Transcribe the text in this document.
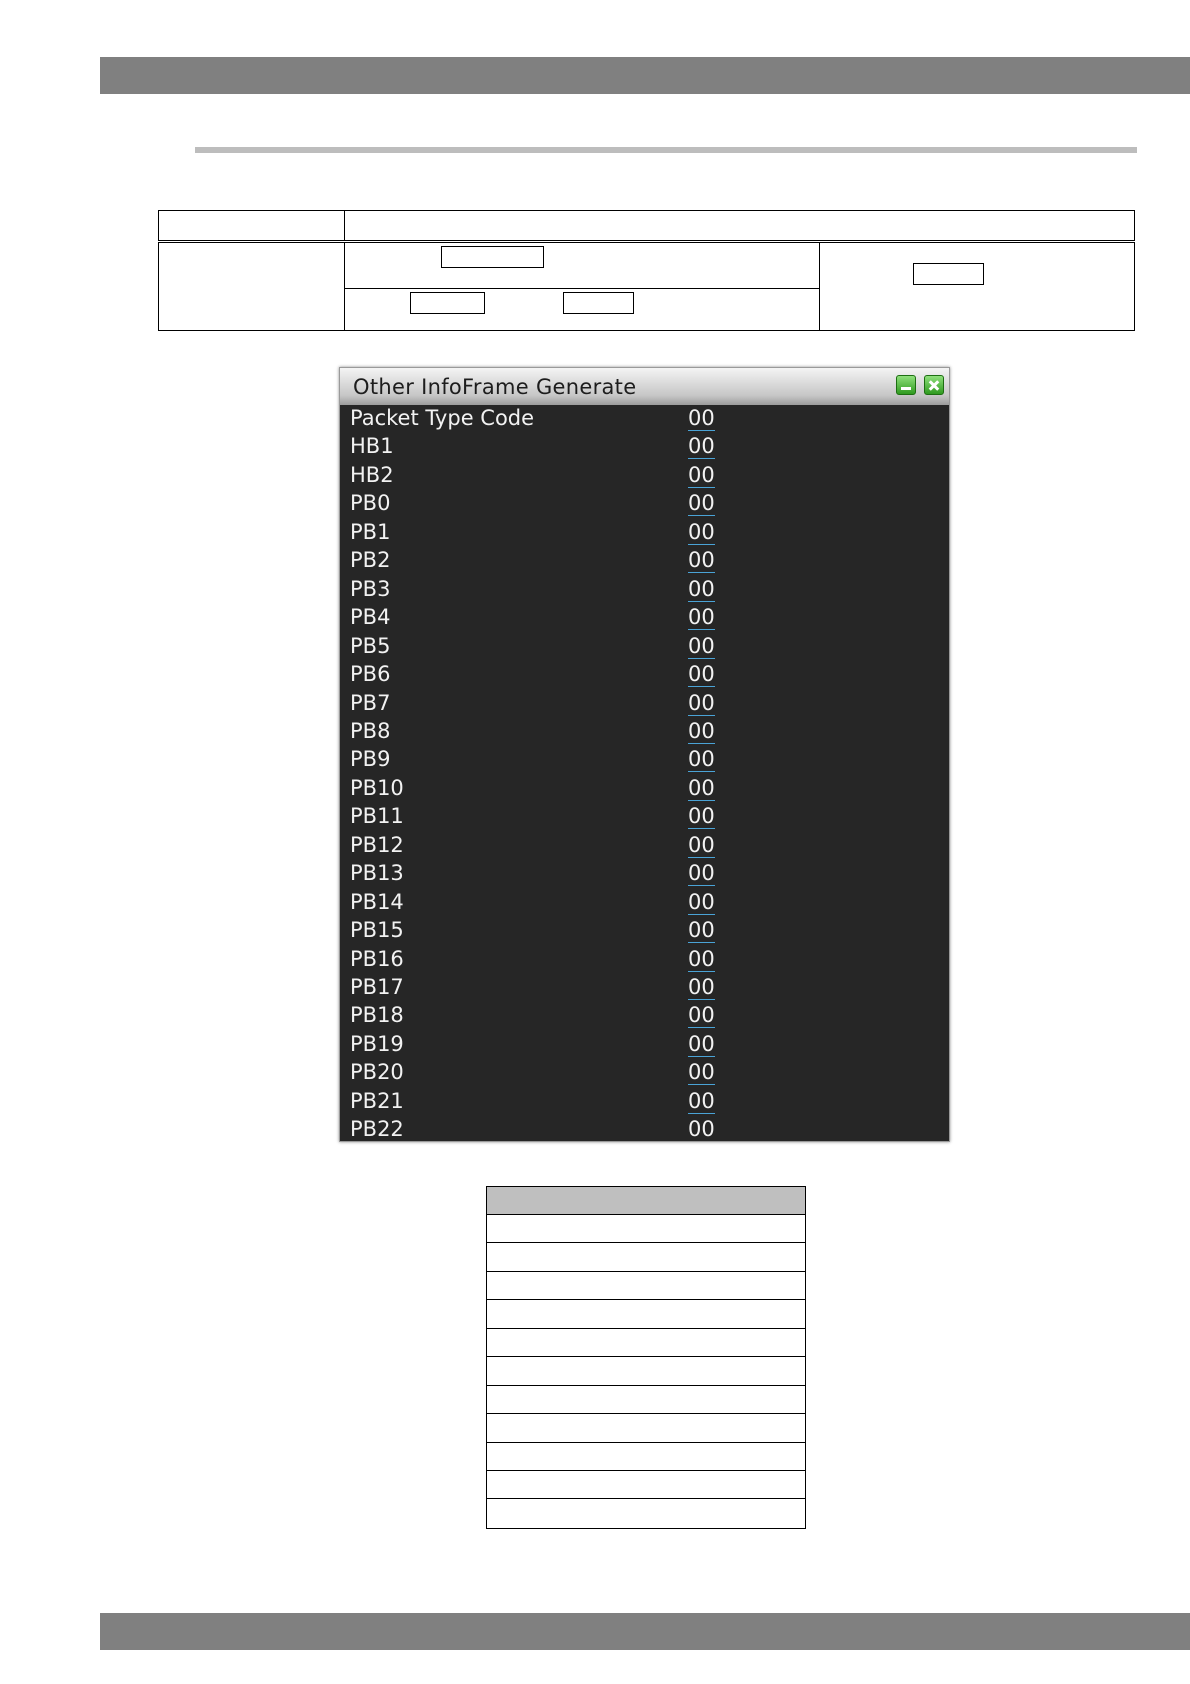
Other InfoFrame Generate
Packet Type Code	00
HB1	00
HB2	00
PB0	00
PB1	00
PB2	00
PB3	00
PB4	00
PB5	00
PB6	00
PB7	00
PB8	00
PB9	00
PB10	00
PB11	00
PB12	00
PB13	00
PB14	00
PB15	00
PB16	00
PB17	00
PB18	00
PB19	00
PB20	00
PB21	00
PB22	00
